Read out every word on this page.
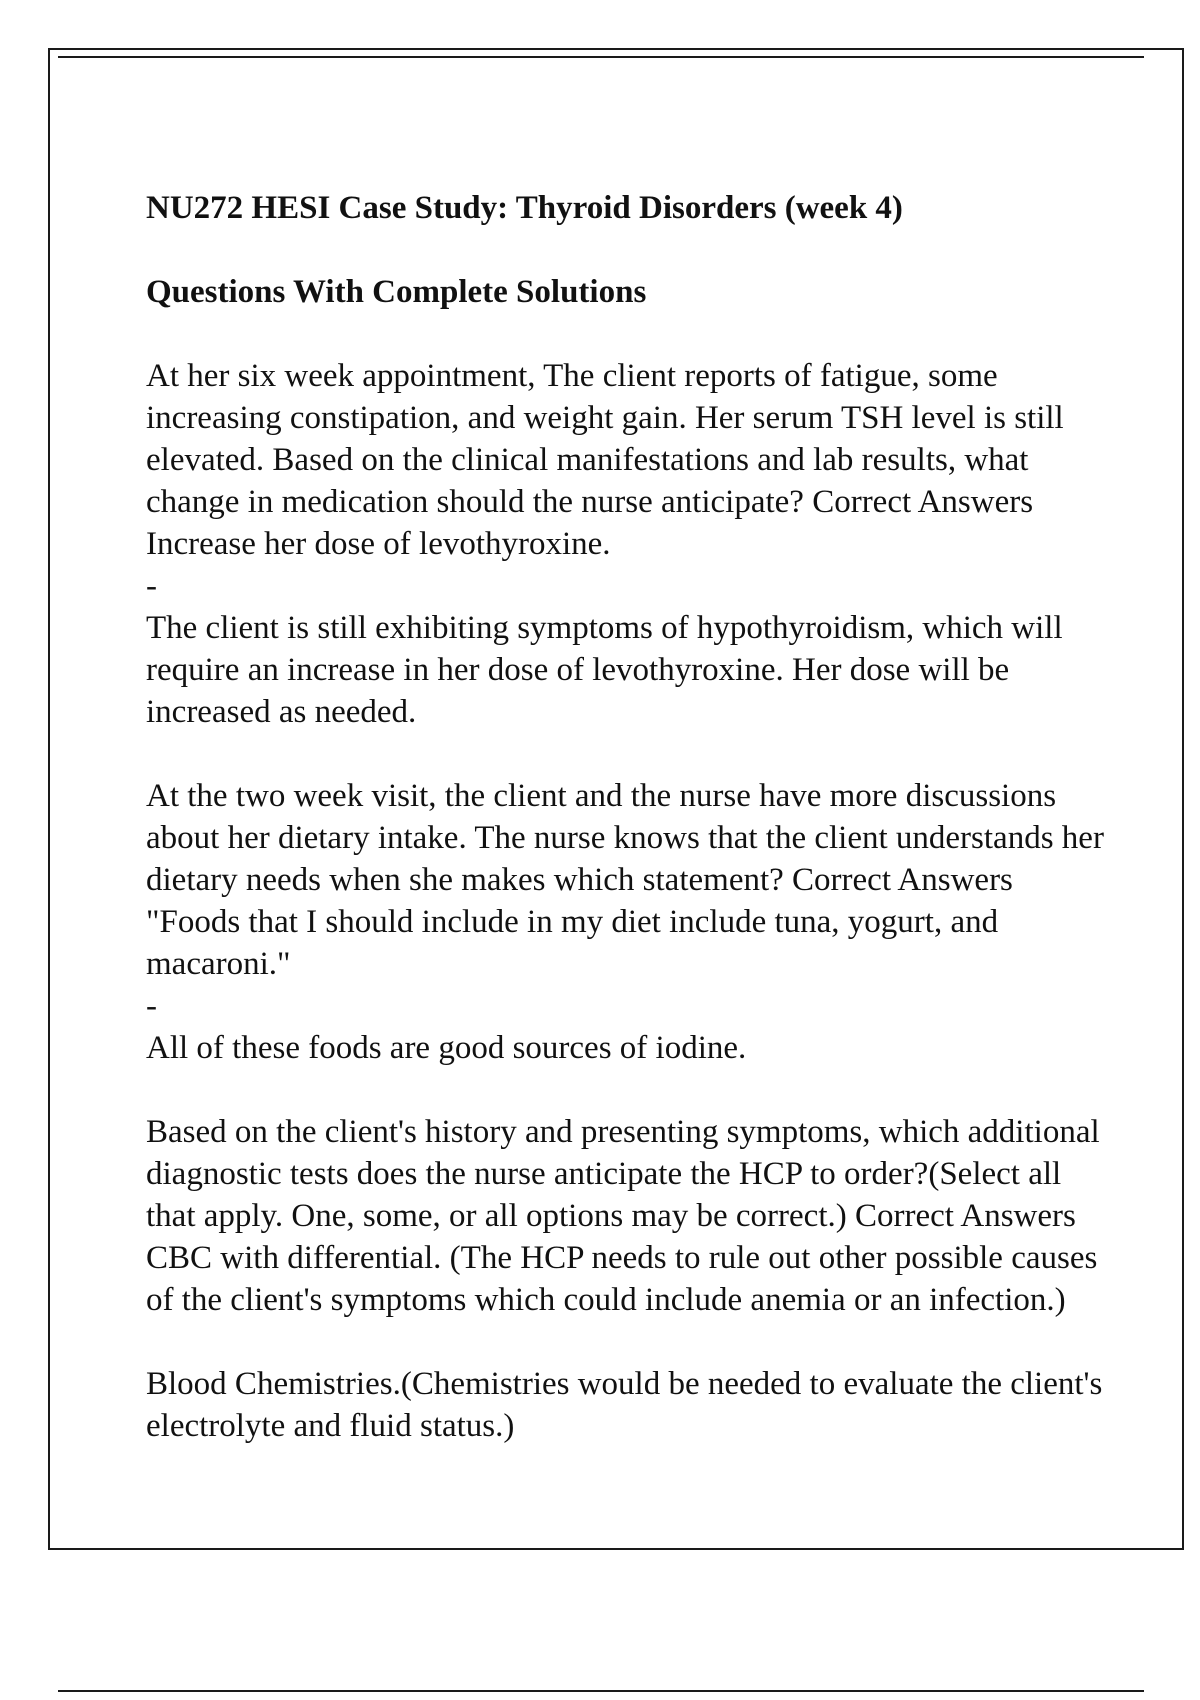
NU272 HESI Case Study: Thyroid Disorders (week 4)

Questions With Complete Solutions

At her six week appointment, The client reports of fatigue, some increasing constipation, and weight gain. Her serum TSH level is still elevated. Based on the clinical manifestations and lab results, what change in medication should the nurse anticipate? Correct Answers Increase her dose of levothyroxine.

-

The client is still exhibiting symptoms of hypothyroidism, which will require an increase in her dose of levothyroxine. Her dose will be increased as needed.

At the two week visit, the client and the nurse have more discussions about her dietary intake. The nurse knows that the client understands her dietary needs when she makes which statement? Correct Answers "Foods that I should include in my diet include tuna, yogurt, and macaroni."

-

All of these foods are good sources of iodine.

Based on the client's history and presenting symptoms, which additional diagnostic tests does the nurse anticipate the HCP to order?(Select all that apply. One, some, or all options may be correct.) Correct Answers CBC with differential. (The HCP needs to rule out other possible causes of the client's symptoms which could include anemia or an infection.)

Blood Chemistries.(Chemistries would be needed to evaluate the client's electrolyte and fluid status.)
